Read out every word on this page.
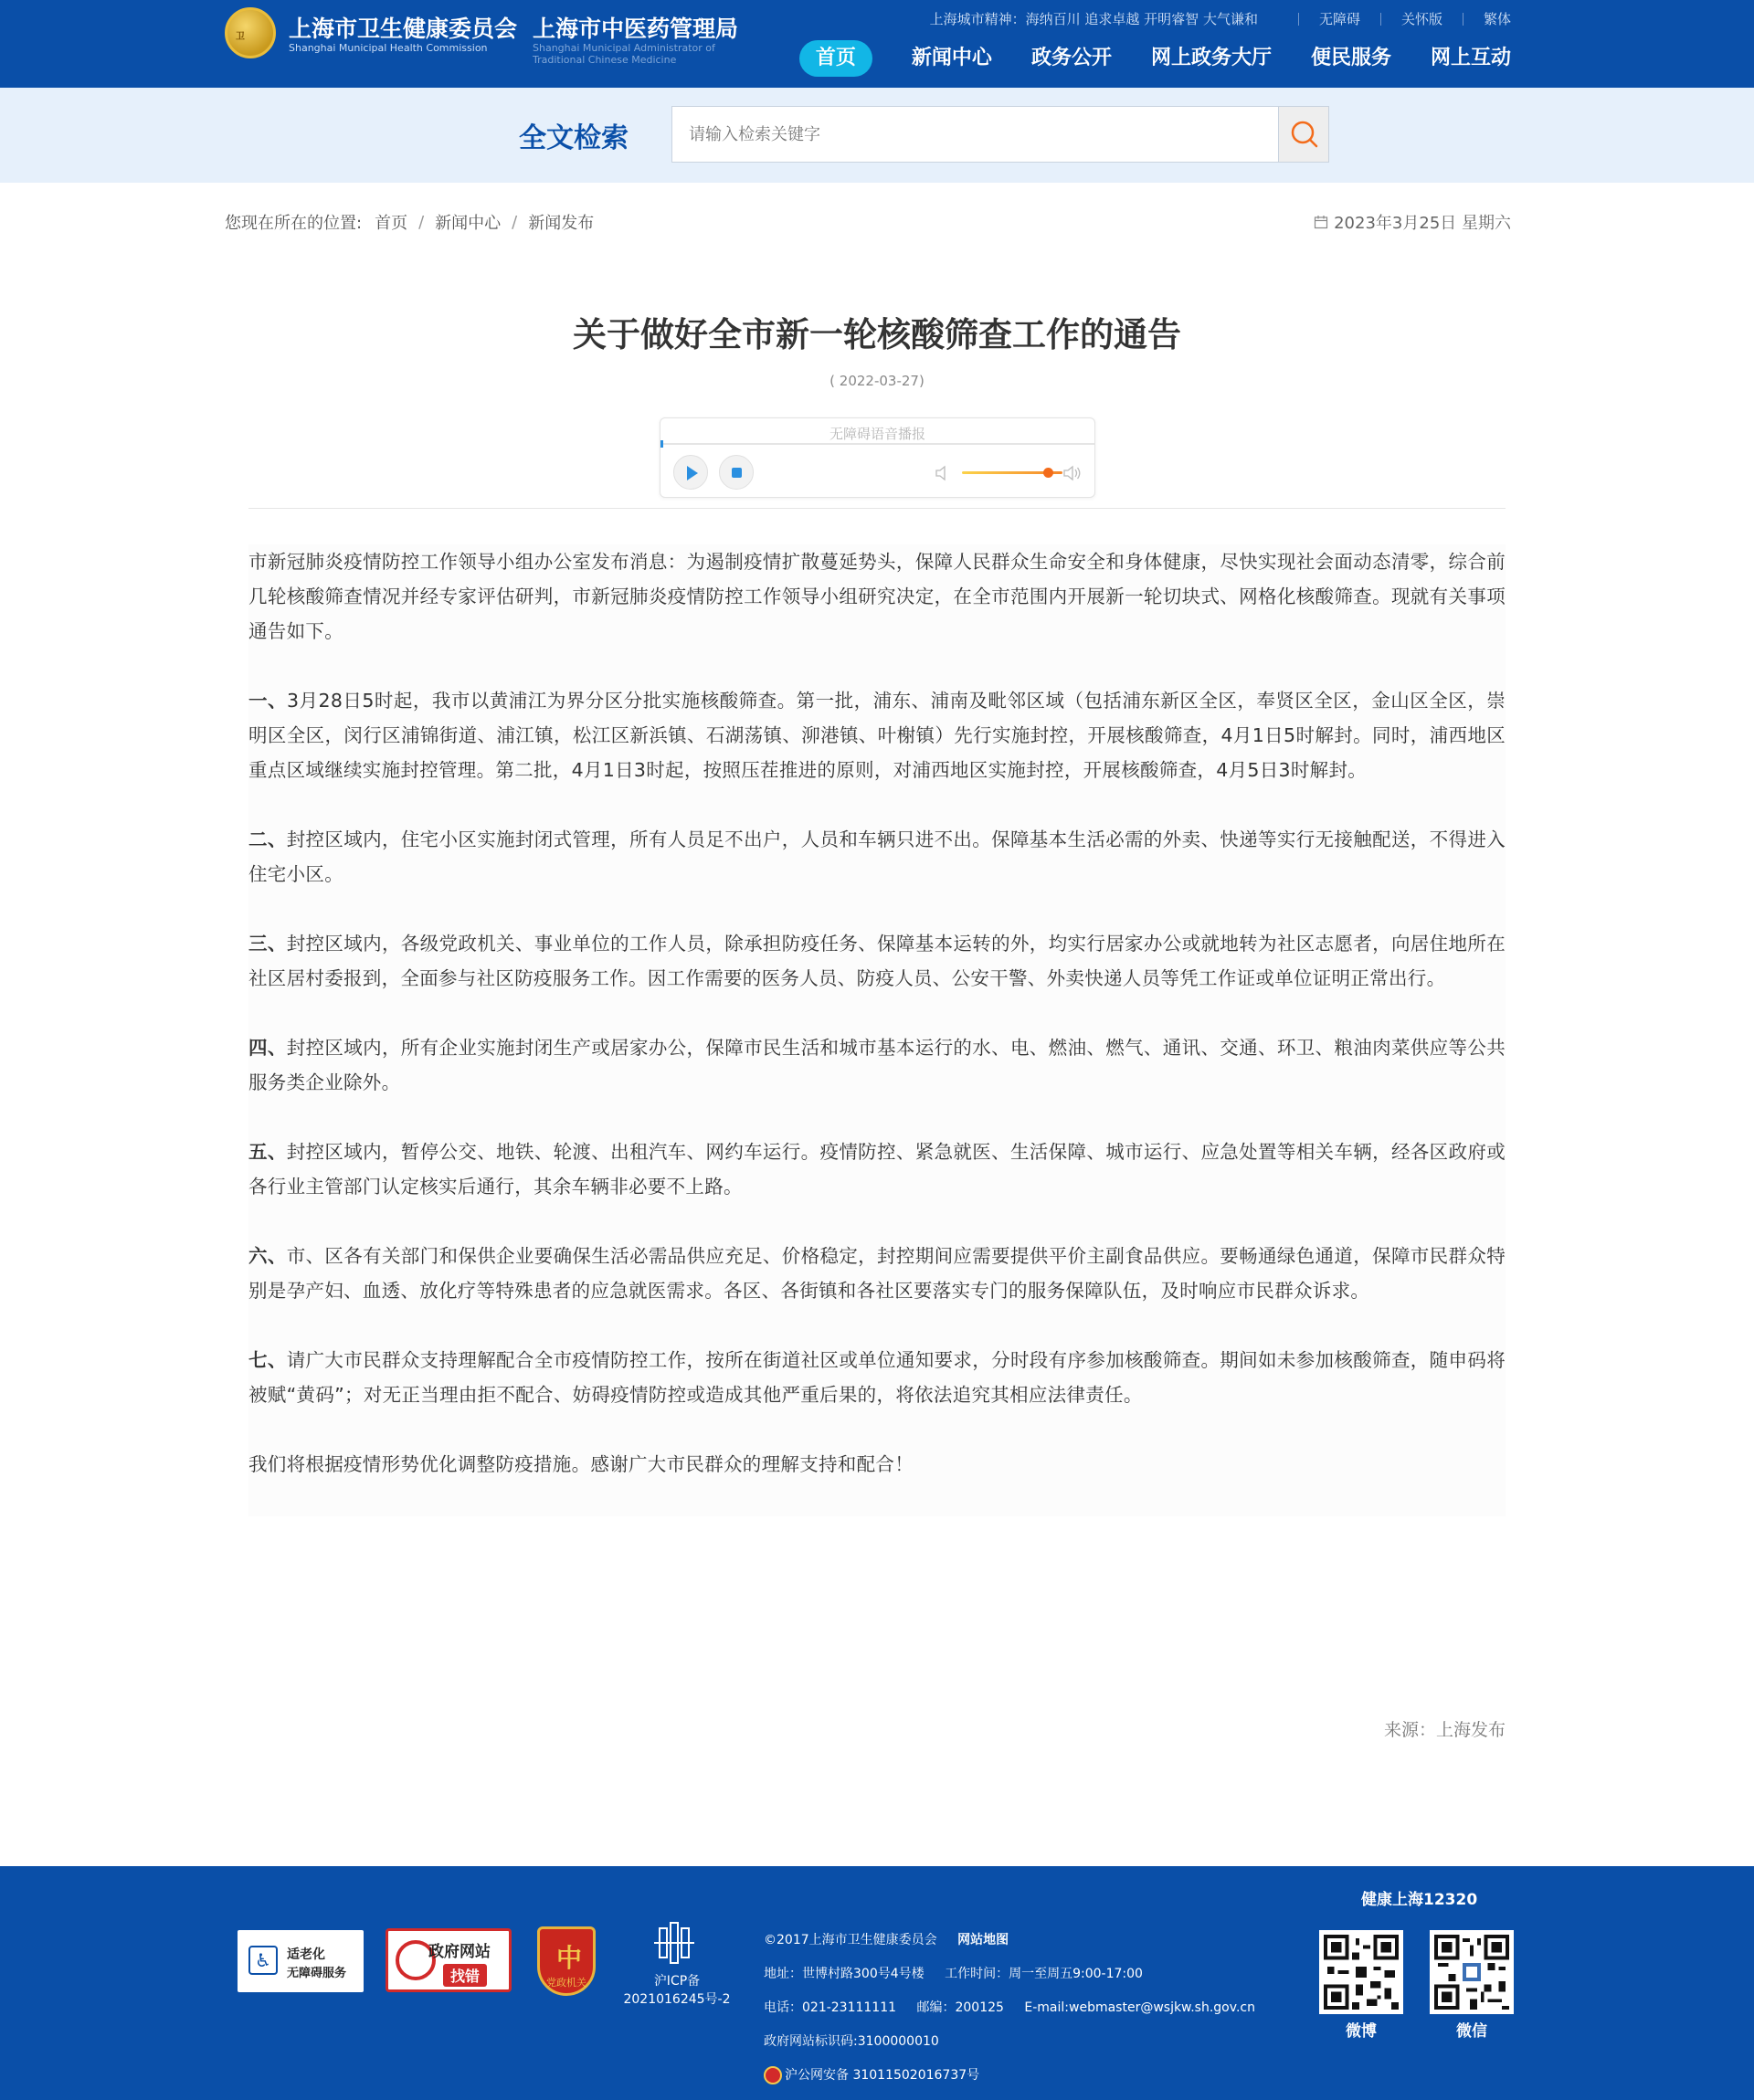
卫 上海市卫生健康委员会
Shanghai Municipal Health Commission
上海市中医药管理局
Shanghai Municipal Administrator of Traditional Chinese Medicine
上海城市精神：海纳百川 追求卓越 开明睿智 大气谦和	无障碍	关怀版	繁体
首页	新闻中心 政务公开 网上政务大厅 便民服务 网上互动
全文检索
请输入检索关键字
您现在所在的位置: 首页 / 新闻中心 / 新闻发布	2023年3月25日 星期六
关于做好全市新一轮核酸筛查工作的通告
( 2022-03-27)
无障碍语音播报

市新冠肺炎疫情防控工作领导小组办公室发布消息：为遏制疫情扩散蔓延势头，保障人民群众生命安全和身体健康，尽快实现社会面动态清零，综合前几轮核酸筛查情况并经专家评估研判，市新冠肺炎疫情防控工作领导小组研究决定，在全市范围内开展新一轮切块式、网格化核酸筛查。现就有关事项通告如下。

一、3月28日5时起，我市以黄浦江为界分区分批实施核酸筛查。第一批，浦东、浦南及毗邻区域（包括浦东新区全区，奉贤区全区，金山区全区，崇明区全区，闵行区浦锦街道、浦江镇，松江区新浜镇、石湖荡镇、泖港镇、叶榭镇）先行实施封控，开展核酸筛查，4月1日5时解封。同时，浦西地区重点区域继续实施封控管理。第二批，4月1日3时起，按照压茬推进的原则，对浦西地区实施封控，开展核酸筛查，4月5日3时解封。

二、封控区域内，住宅小区实施封闭式管理，所有人员足不出户，人员和车辆只进不出。保障基本生活必需的外卖、快递等实行无接触配送，不得进入住宅小区。

三、封控区域内，各级党政机关、事业单位的工作人员，除承担防疫任务、保障基本运转的外，均实行居家办公或就地转为社区志愿者，向居住地所在社区居村委报到，全面参与社区防疫服务工作。因工作需要的医务人员、防疫人员、公安干警、外卖快递人员等凭工作证或单位证明正常出行。

四、封控区域内，所有企业实施封闭生产或居家办公，保障市民生活和城市基本运行的水、电、燃油、燃气、通讯、交通、环卫、粮油肉菜供应等公共服务类企业除外。

五、封控区域内，暂停公交、地铁、轮渡、出租汽车、网约车运行。疫情防控、紧急就医、生活保障、城市运行、应急处置等相关车辆，经各区政府或各行业主管部门认定核实后通行，其余车辆非必要不上路。

六、市、区各有关部门和保供企业要确保生活必需品供应充足、价格稳定，封控期间应需要提供平价主副食品供应。要畅通绿色通道，保障市民群众特别是孕产妇、血透、放化疗等特殊患者的应急就医需求。各区、各街镇和各社区要落实专门的服务保障队伍，及时响应市民群众诉求。

七、请广大市民群众支持理解配合全市疫情防控工作，按所在街道社区或单位通知要求，分时段有序参加核酸筛查。期间如未参加核酸筛查，随申码将被赋“黄码”；对无正当理由拒不配合、妨碍疫情防控或造成其他严重后果的，将依法追究其相应法律责任。

我们将根据疫情形势优化调整防疫措施。感谢广大市民群众的理解支持和配合！

来源：上海发布
♿
适老化
无障碍服务
政府网站
找错
中
党政机关	沪ICP备
2021016245号-2
©2017上海市卫生健康委员会 网站地图
地址：世博村路300号4号楼 工作时间：周一至周五9:00-17:00
电话：021-23111111 邮编：200125 E-mail:webmaster@wsjkw.sh.gov.cn
政府网站标识码:3100000010
沪公网安备 31011502016737号
健康上海12320
微博	微信
